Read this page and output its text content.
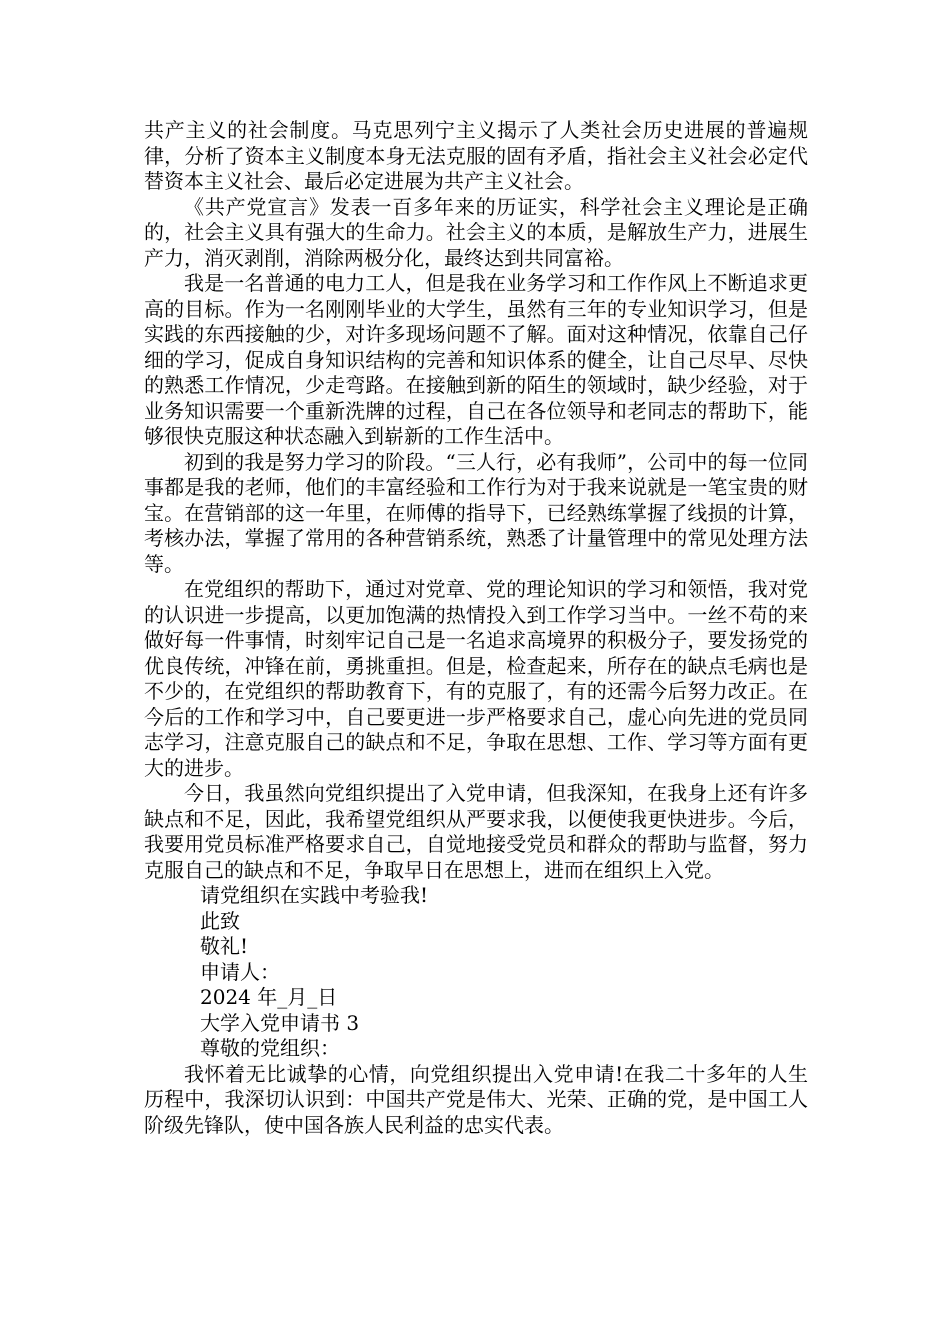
共产主义的社会制度。马克思列宁主义揭示了人类社会历史进展的普遍规律，分析了资本主义制度本身无法克服的固有矛盾，指社会主义社会必定代替资本主义社会、最后必定进展为共产主义社会。

《共产党宣言》发表一百多年来的历证实，科学社会主义理论是正确的，社会主义具有强大的生命力。社会主义的本质，是解放生产力，进展生产力，消灭剥削，消除两极分化，最终达到共同富裕。

我是一名普通的电力工人，但是我在业务学习和工作作风上不断追求更高的目标。作为一名刚刚毕业的大学生，虽然有三年的专业知识学习，但是实践的东西接触的少，对许多现场问题不了解。面对这种情况，依靠自己仔细的学习，促成自身知识结构的完善和知识体系的健全，让自己尽早、尽快的熟悉工作情况，少走弯路。在接触到新的陌生的领域时，缺少经验，对于业务知识需要一个重新洗牌的过程，自己在各位领导和老同志的帮助下，能够很快克服这种状态融入到崭新的工作生活中。

初到的我是努力学习的阶段。“三人行，必有我师”，公司中的每一位同事都是我的老师，他们的丰富经验和工作行为对于我来说就是一笔宝贵的财宝。在营销部的这一年里，在师傅的指导下，已经熟练掌握了线损的计算，考核办法，掌握了常用的各种营销系统，熟悉了计量管理中的常见处理方法等。

在党组织的帮助下，通过对党章、党的理论知识的学习和领悟，我对党的认识进一步提高，以更加饱满的热情投入到工作学习当中。一丝不苟的来做好每一件事情，时刻牢记自己是一名追求高境界的积极分子，要发扬党的优良传统，冲锋在前，勇挑重担。但是，检查起来，所存在的缺点毛病也是不少的，在党组织的帮助教育下，有的克服了，有的还需今后努力改正。在今后的工作和学习中，自己要更进一步严格要求自己，虚心向先进的党员同志学习，注意克服自己的缺点和不足，争取在思想、工作、学习等方面有更大的进步。

今日，我虽然向党组织提出了入党申请，但我深知，在我身上还有许多缺点和不足，因此，我希望党组织从严要求我，以便使我更快进步。今后，我要用党员标准严格要求自己，自觉地接受党员和群众的帮助与监督，努力克服自己的缺点和不足，争取早日在思想上，进而在组织上入党。

请党组织在实践中考验我!

此致

敬礼!

申请人：

2024 年_月_日

大学入党申请书 3

尊敬的党组织：

我怀着无比诚挚的心情，向党组织提出入党申请!在我二十多年的人生历程中，我深切认识到：中国共产党是伟大、光荣、正确的党，是中国工人阶级先锋队，使中国各族人民利益的忠实代表。
